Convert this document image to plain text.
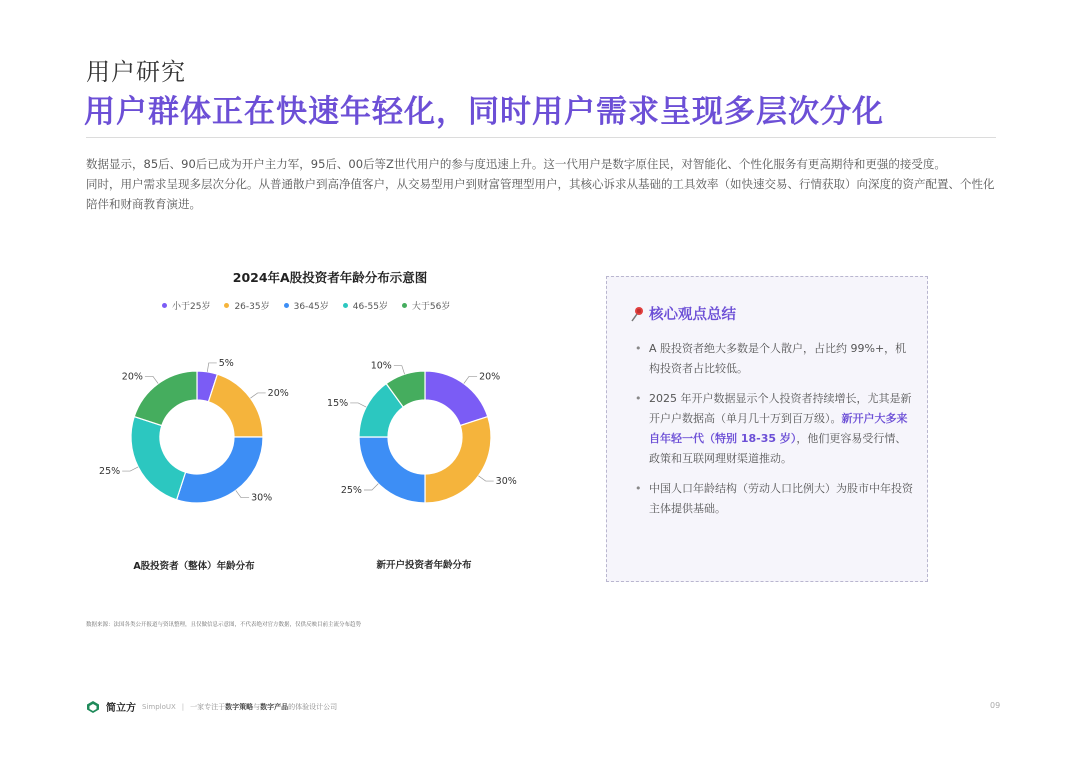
用户研究
用户群体正在快速年轻化，同时用户需求呈现多层次分化

数据显示，85后、90后已成为开户主力军，95后、00后等Z世代用户的参与度迅速上升。这一代用户是数字原住民，对智能化、个性化服务有更高期待和更强的接受度。

同时，用户需求呈现多层次分化。从普通散户到高净值客户，从交易型用户到财富管理型用户，其核心诉求从基础的工具效率（如快速交易、行情获取）向深度的资产配置、个性化陪伴和财商教育演进。

2024年A股投资者年龄分布示意图
小于25岁	26-35岁	36-45岁	46-55岁	大于56岁
5%
20%
30%
25%
20%	20%
30%
25%
15%
10%
A股投资者（整体）年龄分布	新开户投资者年龄分布
核心观点总结
• A 股投资者绝大多数是个人散户，占比约 99%+，机构投资者占比较低。
• 2025 年开户数据显示个人投资者持续增长，尤其是新开户户数据高（单月几十万到百万级）。新开户大多来自年轻一代（特别 18-35 岁），他们更容易受行情、政策和互联网理财渠道推动。
• 中国人口年龄结构（劳动人口比例大）为股市中年投资主体提供基础。
数据来源：法国各类公开报道与资讯整理，且仅做信息示意图，不代表绝对官方数据，仅供反映目前主流分布趋势
简立方 SimploUX | 一家专注于数字策略与数字产品的体验设计公司	09
